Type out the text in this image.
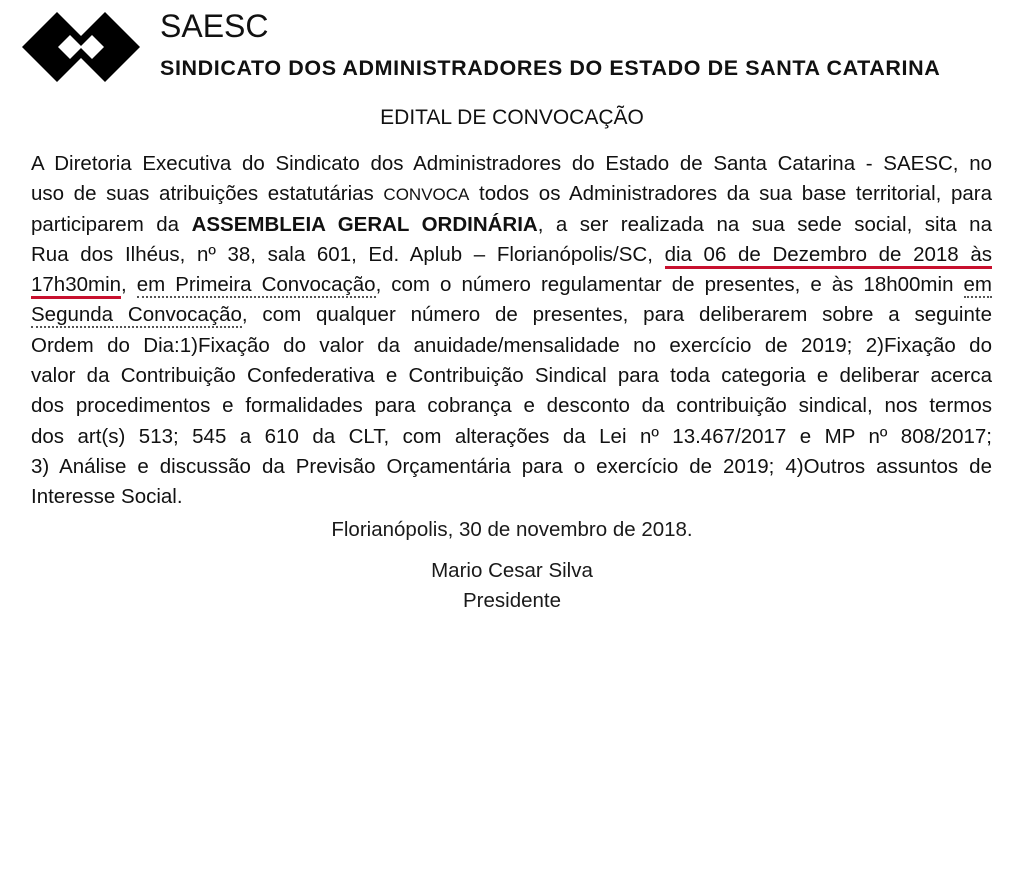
SAESC
SINDICATO DOS ADMINISTRADORES DO ESTADO DE SANTA CATARINA
EDITAL DE CONVOCAÇÃO
A Diretoria Executiva do Sindicato dos Administradores do Estado de Santa Catarina - SAESC, no
uso de suas atribuições estatutárias CONVOCA todos os Administradores da sua base territorial, para
participarem da ASSEMBLEIA GERAL ORDINÁRIA, a ser realizada na sua sede social, sita na
Rua dos Ilhéus, nº 38, sala 601, Ed. Aplub – Florianópolis/SC, dia 06 de Dezembro de 2018 às
17h30min, em Primeira Convocação, com o número regulamentar de presentes, e às 18h00min em
Segunda Convocação, com qualquer número de presentes, para deliberarem sobre a seguinte
Ordem do Dia:1)Fixação do valor da anuidade/mensalidade no exercício de 2019; 2)Fixação do
valor da Contribuição Confederativa e Contribuição Sindical para toda categoria e deliberar acerca
dos procedimentos e formalidades para cobrança e desconto da contribuição sindical, nos termos
dos art(s) 513; 545 a 610 da CLT, com alterações da Lei nº 13.467/2017 e MP nº 808/2017;
3) Análise e discussão da Previsão Orçamentária para o exercício de 2019; 4)Outros assuntos de
Interesse Social.
Florianópolis, 30 de novembro de 2018.
Mario Cesar Silva
Presidente
